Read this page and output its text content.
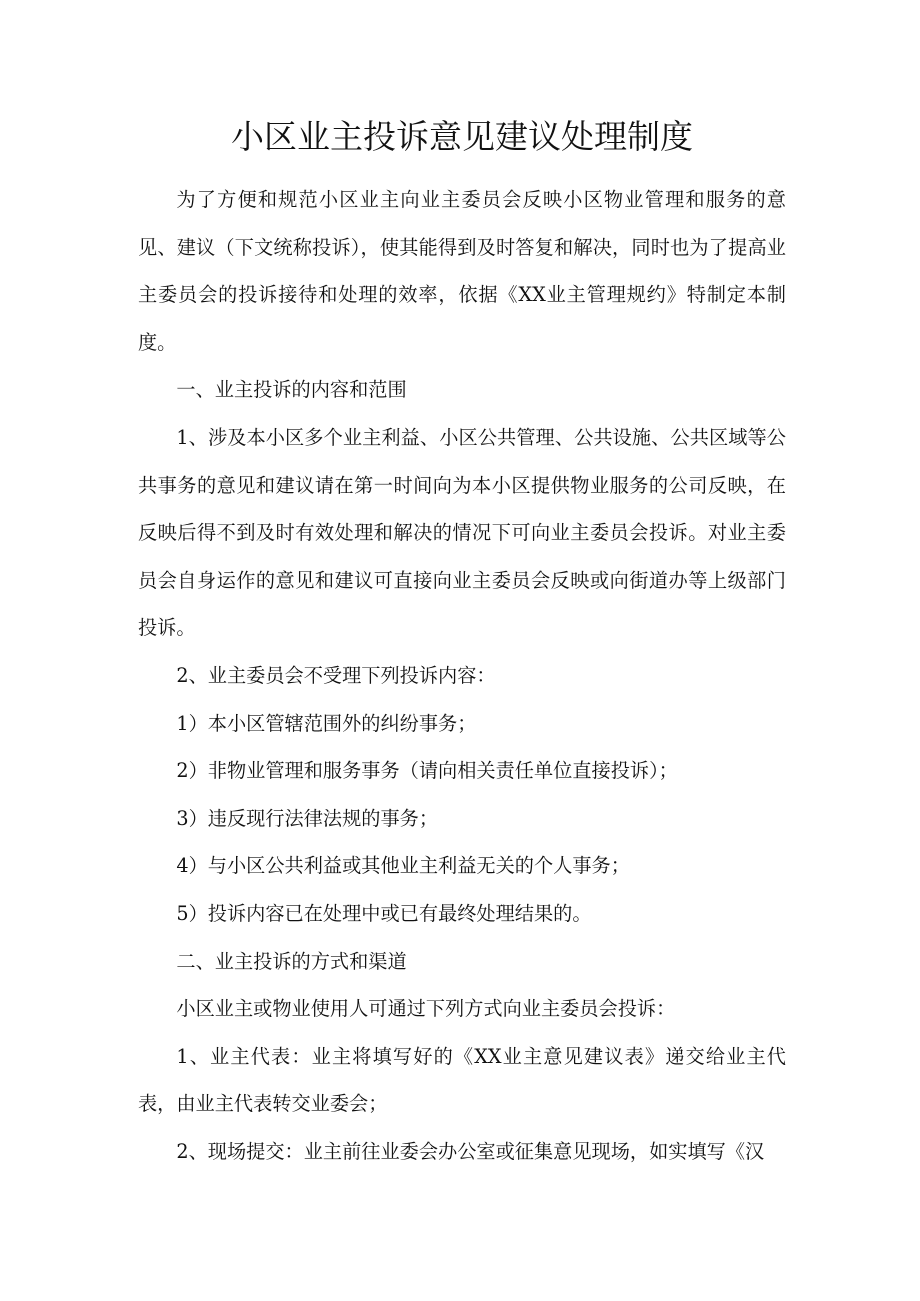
小区业主投诉意见建议处理制度

为了方便和规范小区业主向业主委员会反映小区物业管理和服务的意见、建议（下文统称投诉），使其能得到及时答复和解决，同时也为了提高业主委员会的投诉接待和处理的效率，依据《XX业主管理规约》特制定本制度。

一、业主投诉的内容和范围

1、涉及本小区多个业主利益、小区公共管理、公共设施、公共区域等公共事务的意见和建议请在第一时间向为本小区提供物业服务的公司反映，在反映后得不到及时有效处理和解决的情况下可向业主委员会投诉。对业主委员会自身运作的意见和建议可直接向业主委员会反映或向街道办等上级部门投诉。

2、业主委员会不受理下列投诉内容：

1）本小区管辖范围外的纠纷事务；

2）非物业管理和服务事务（请向相关责任单位直接投诉）；

3）违反现行法律法规的事务；

4）与小区公共利益或其他业主利益无关的个人事务；

5）投诉内容已在处理中或已有最终处理结果的。

二、业主投诉的方式和渠道

小区业主或物业使用人可通过下列方式向业主委员会投诉：

1、业主代表：业主将填写好的《XX业主意见建议表》递交给业主代表，由业主代表转交业委会；

2、现场提交：业主前往业委会办公室或征集意见现场，如实填写《汉
